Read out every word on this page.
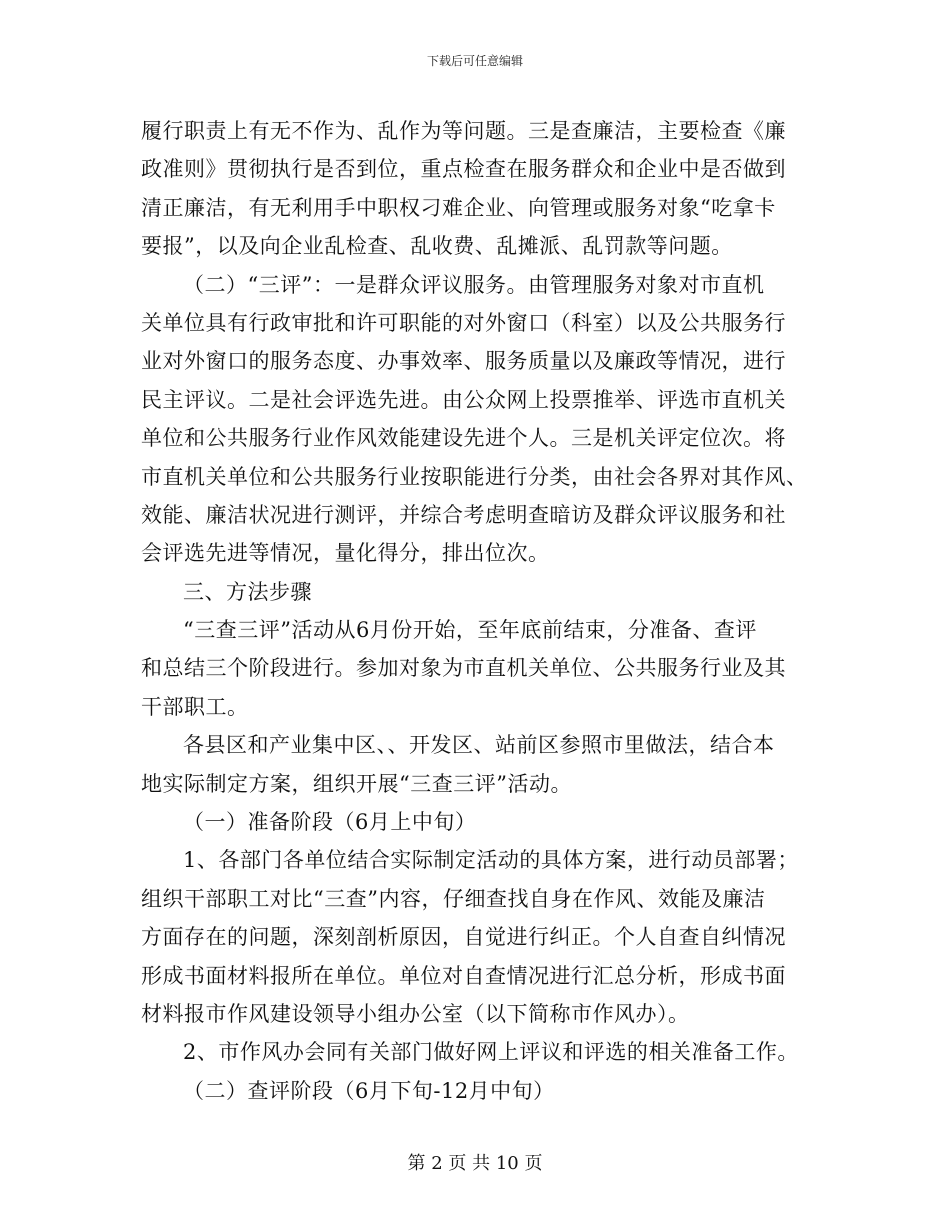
下载后可任意编辑
履行职责上有无不作为、乱作为等问题。三是查廉洁，主要检查《廉
政准则》贯彻执行是否到位，重点检查在服务群众和企业中是否做到
清正廉洁，有无利用手中职权刁难企业、向管理或服务对象“吃拿卡
要报”，以及向企业乱检查、乱收费、乱摊派、乱罚款等问题。
（二）“三评”：一是群众评议服务。由管理服务对象对市直机
关单位具有行政审批和许可职能的对外窗口（科室）以及公共服务行
业对外窗口的服务态度、办事效率、服务质量以及廉政等情况，进行
民主评议。二是社会评选先进。由公众网上投票推举、评选市直机关
单位和公共服务行业作风效能建设先进个人。三是机关评定位次。将
市直机关单位和公共服务行业按职能进行分类，由社会各界对其作风、
效能、廉洁状况进行测评，并综合考虑明查暗访及群众评议服务和社
会评选先进等情况，量化得分，排出位次。
三、方法步骤
“三查三评”活动从6月份开始，至年底前结束，分准备、查评
和总结三个阶段进行。参加对象为市直机关单位、公共服务行业及其
干部职工。
各县区和产业集中区、、开发区、站前区参照市里做法，结合本
地实际制定方案，组织开展“三查三评”活动。
（一）准备阶段（6月上中旬）
1、各部门各单位结合实际制定活动的具体方案，进行动员部署；
组织干部职工对比“三查”内容，仔细查找自身在作风、效能及廉洁
方面存在的问题，深刻剖析原因，自觉进行纠正。个人自查自纠情况
形成书面材料报所在单位。单位对自查情况进行汇总分析，形成书面
材料报市作风建设领导小组办公室（以下简称市作风办）。
2、市作风办会同有关部门做好网上评议和评选的相关准备工作。
（二）查评阶段（6月下旬-12月中旬）
第 2 页 共 10 页
